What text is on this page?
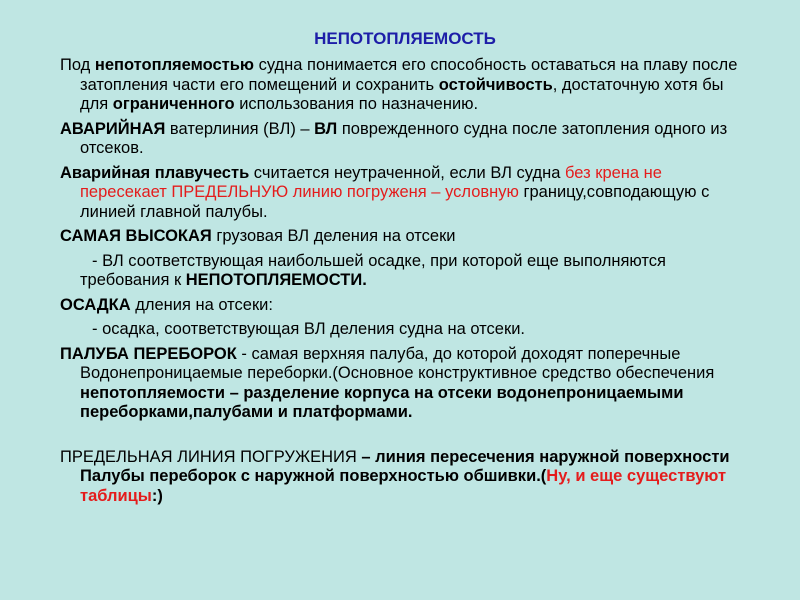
НЕПОТОПЛЯЕМОСТЬ

Под непотопляемостью судна понимается его способность оставаться на плаву после затопления части его помещений и сохранить остойчивость, достаточную хотя бы для ограниченного использования по назначению.

АВАРИЙНАЯ ватерлиния (ВЛ) – ВЛ поврежденного судна после затопления одного из отсеков.

Аварийная плавучесть считается неутраченной, если ВЛ судна без крена не пересекает ПРЕДЕЛЬНУЮ линию погруженя – условную границу,совподающую с линией главной палубы.

САМАЯ ВЫСОКАЯ грузовая ВЛ деления на отсеки

- ВЛ соответствующая наибольшей осадке, при которой еще выполняются требования к НЕПОТОПЛЯЕМОСТИ.

ОСАДКА дления на отсеки:

- осадка, соответствующая ВЛ деления судна на отсеки.

ПАЛУБА ПЕРЕБОРОК - самая верхняя палуба, до которой доходят поперечные Водонепроницаемые переборки.(Основное конструктивное средство обеспечения непотопляемости – разделение корпуса на отсеки водонепроницаемыми переборками,палубами и платформами.

ПРЕДЕЛЬНАЯ ЛИНИЯ ПОГРУЖЕНИЯ – линия пересечения наружной поверхности Палубы переборок с наружной поверхностью обшивки.(Ну, и еще существуют таблицы:)
